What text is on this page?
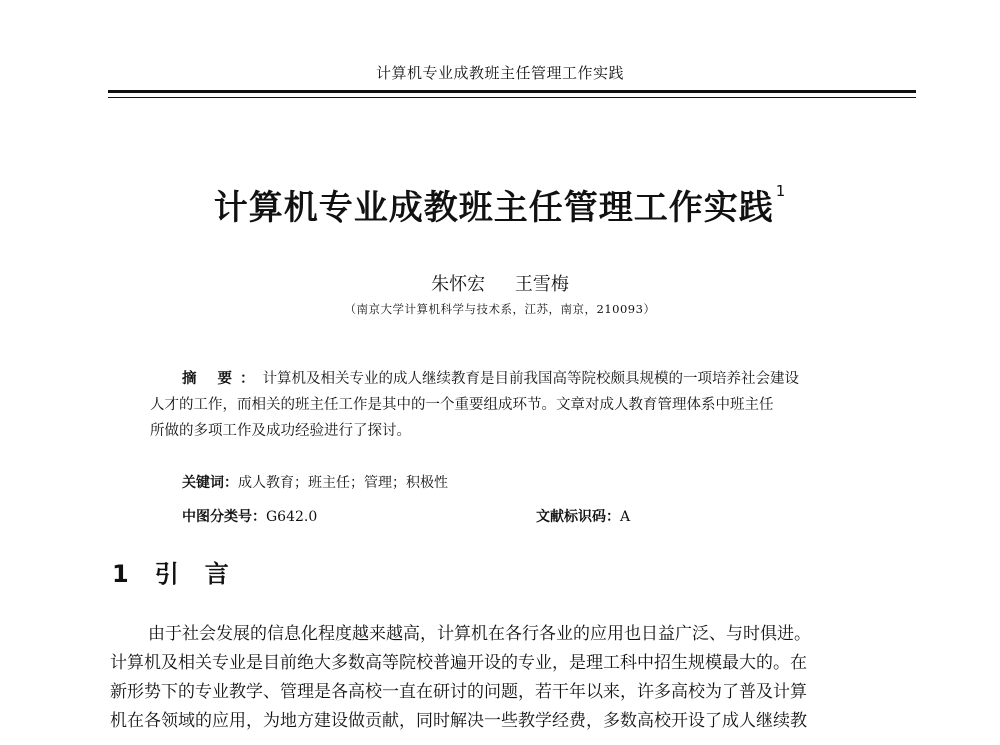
计算机专业成教班主任管理工作实践
计算机专业成教班主任管理工作实践 $^1$
朱怀宏 王雪梅
（南京大学计算机科学与技术系，江苏，南京，210093）
摘 要：计算机及相关专业的成人继续教育是目前我国高等院校颇具规模的一项培养社会建设
人才的工作，而相关的班主任工作是其中的一个重要组成环节。文章对成人教育管理体系中班主任
所做的多项工作及成功经验进行了探讨。
关键词：成人教育；班主任；管理；积极性
中图分类号：G642.0	文献标识码：A
1 引言
由于社会发展的信息化程度越来越高，计算机在各行各业的应用也日益广泛、与时俱进。
计算机及相关专业是目前绝大多数高等院校普遍开设的专业，是理工科中招生规模最大的。在
新形势下的专业教学、管理是各高校一直在研讨的问题，若干年以来，许多高校为了普及计算
机在各领域的应用，为地方建设做贡献，同时解决一些教学经费，多数高校开设了成人继续教
